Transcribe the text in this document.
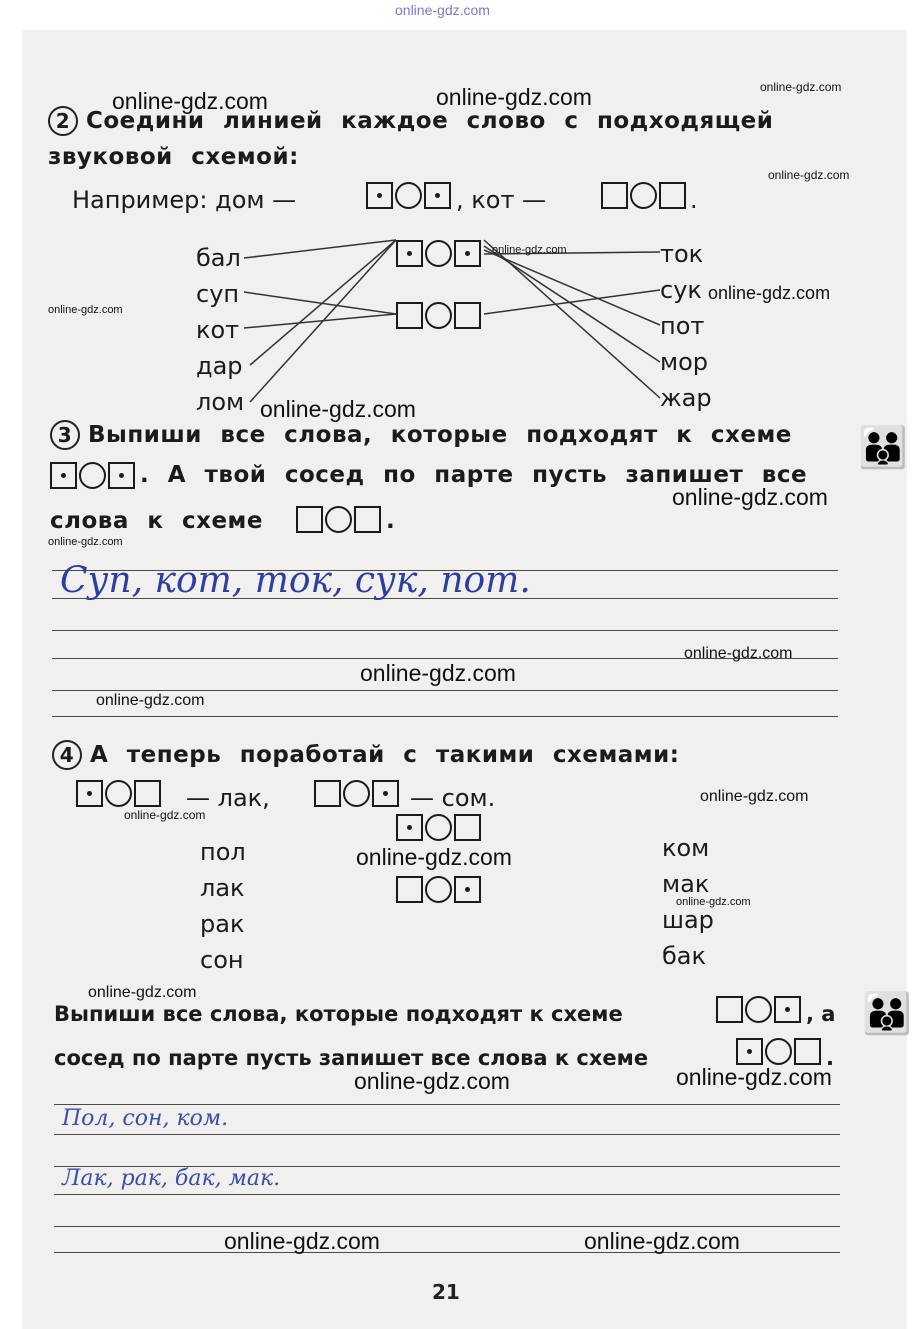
online-gdz.com
2 Соедини линией каждое слово с подходящей
звуковой схемой:
Например: дом —	, кот —	.
бал
суп
кот
дар
лом
ток
сук
пот
мор
жар
3 Выпиши все слова, которые подходят к схеме
. А твой сосед по парте пусть запишет все
слова к схеме	.
👪
Суп, кот, ток, сук, пот.
4 А теперь поработай с такими схемами:
— лак,	— сом.
пол
лак
рак
сон
ком
мак
шар
бак
Выпиши все слова, которые подходят к схеме	, а
сосед по парте пусть запишет все слова к схеме	.
👪
Пол, сон, ком.
Лак, рак, бак, мак.
21
online-gdz.com	online-gdz.com	online-gdz.com
online-gdz.com
online-gdz.com
online-gdz.com
online-gdz.com
online-gdz.com
online-gdz.com
online-gdz.com
online-gdz.com
online-gdz.com
online-gdz.com
online-gdz.com
online-gdz.com
online-gdz.com
online-gdz.com
online-gdz.com
online-gdz.com	online-gdz.com
online-gdz.com	online-gdz.com
